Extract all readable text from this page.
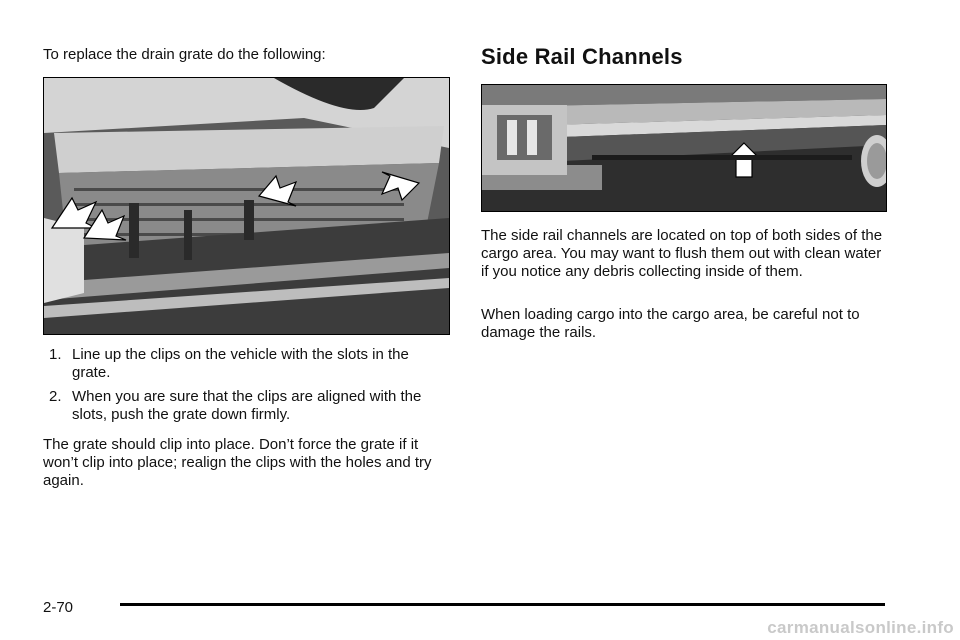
To replace the drain grate do the following:

1. Line up the clips on the vehicle with the slots in the grate.
2. When you are sure that the clips are aligned with the slots, push the grate down firmly.

The grate should clip into place. Don’t force the grate if it won’t clip into place; realign the clips with the holes and try again.

Side Rail Channels

The side rail channels are located on top of both sides of the cargo area. You may want to flush them out with clean water if you notice any debris collecting inside of them.

When loading cargo into the cargo area, be careful not to damage the rails.

2-70
carmanualsonline.info
